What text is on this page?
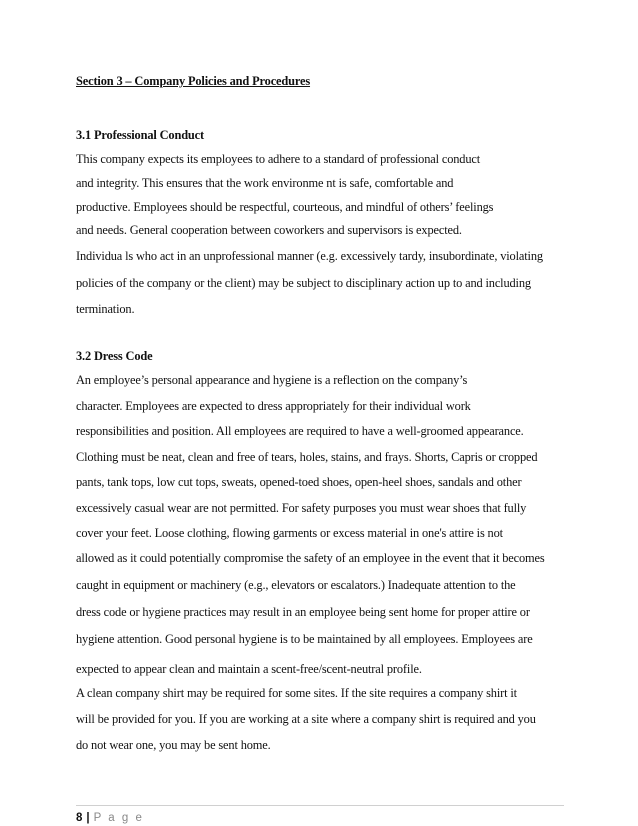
Section 3 – Company Policies and Procedures
3.1 Professional Conduct
This company expects its employees to adhere to a standard of professional conduct
and integrity. This ensures that the work environme nt is safe, comfortable and
productive. Employees should be respectful, courteous, and mindful of others’ feelings
and needs. General cooperation between coworkers and supervisors is expected.
Individua ls who act in an unprofessional manner (e.g. excessively tardy, insubordinate, violating
policies of the company or the client) may be subject to disciplinary action up to and including
termination.
3.2 Dress Code
An employee’s personal appearance and hygiene is a reflection on the company’s
character. Employees are expected to dress appropriately for their individual work
responsibilities and position. All employees are required to have a well-groomed appearance.
Clothing must be neat, clean and free of tears, holes, stains, and frays. Shorts, Capris or cropped
pants, tank tops, low cut tops, sweats, opened-toed shoes, open-heel shoes, sandals and other
excessively casual wear are not permitted. For safety purposes you must wear shoes that fully
cover your feet. Loose clothing, flowing garments or excess material in one's attire is not
allowed as it could potentially compromise the safety of an employee in the event that it becomes
caught in equipment or machinery (e.g., elevators or escalators.) Inadequate attention to the
dress code or hygiene practices may result in an employee being sent home for proper attire or
hygiene attention. Good personal hygiene is to be maintained by all employees. Employees are
expected to appear clean and maintain a scent-free/scent-neutral profile.
A clean company shirt may be required for some sites. If the site requires a company shirt it
will be provided for you. If you are working at a site where a company shirt is required and you
do not wear one, you may be sent home.
8 | P a g e
